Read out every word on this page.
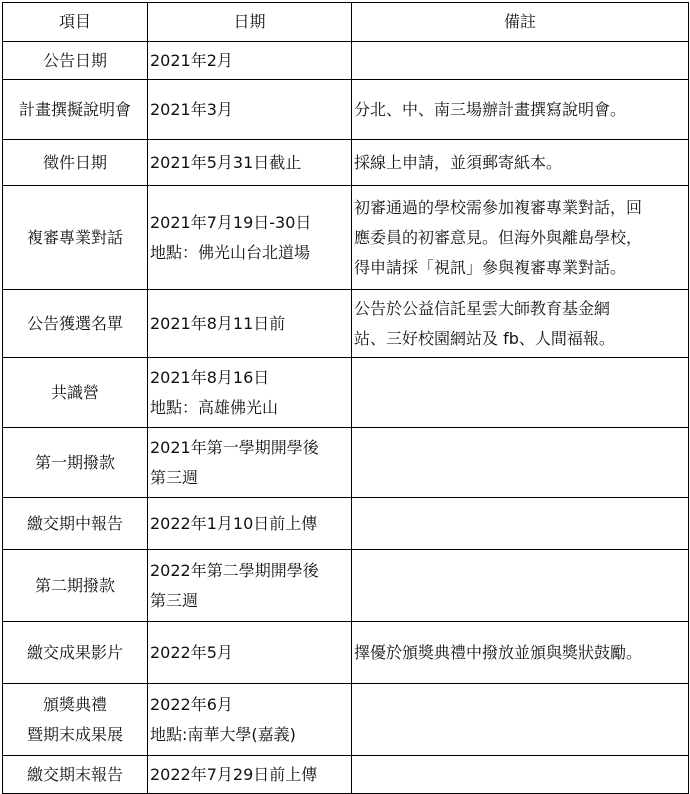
項目	日期	備註

公告日期	2021年2月	

計畫撰擬說明會	2021年3月	分北、中、南三場辦計畫撰寫說明會。

徵件日期	2021年5月31日截止	採線上申請，並須郵寄紙本。

複審專業對話	2021年7月19日-30日
地點：佛光山台北道場	初審通過的學校需參加複審專業對話，回
應委員的初審意見。但海外與離島學校，
得申請採「視訊」參與複審專業對話。

公告獲選名單	2021年8月11日前	公告於公益信託星雲大師教育基金網
站、三好校園網站及 fb、人間福報。

共識營	2021年8月16日
地點：高雄佛光山	

第一期撥款	2021年第一學期開學後
第三週	

繳交期中報告	2022年1月10日前上傳	

第二期撥款	2022年第二學期開學後
第三週	

繳交成果影片	2022年5月	擇優於頒獎典禮中撥放並頒與獎狀鼓勵。

頒獎典禮
暨期末成果展	2022年6月
地點:南華大學(嘉義)	

繳交期末報告	2022年7月29日前上傳	
